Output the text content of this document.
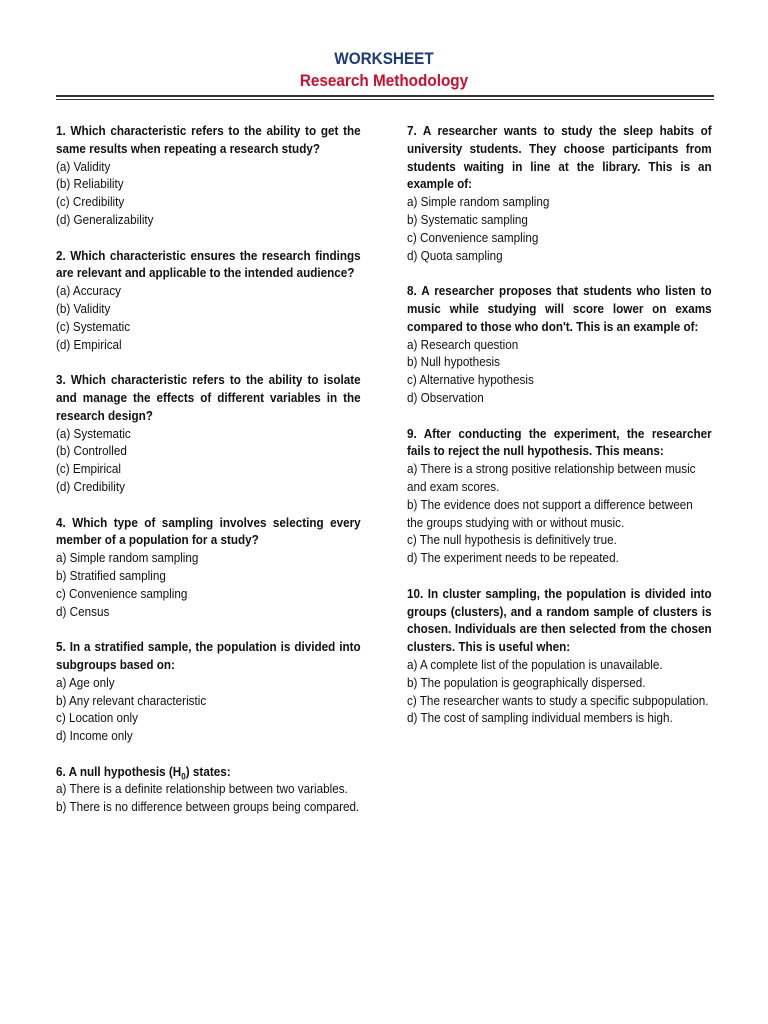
WORKSHEET
Research Methodology
1. Which characteristic refers to the ability to get the same results when repeating a research study?
(a) Validity
(b) Reliability
(c) Credibility
(d) Generalizability
2. Which characteristic ensures the research findings are relevant and applicable to the intended audience?
(a) Accuracy
(b) Validity
(c) Systematic
(d) Empirical
3. Which characteristic refers to the ability to isolate and manage the effects of different variables in the research design?
(a) Systematic
(b) Controlled
(c) Empirical
(d) Credibility
4. Which type of sampling involves selecting every member of a population for a study?
a) Simple random sampling
b) Stratified sampling
c) Convenience sampling
d) Census
5. In a stratified sample, the population is divided into subgroups based on:
a) Age only
b) Any relevant characteristic
c) Location only
d) Income only
6. A null hypothesis $(H_0)$ states:
a) There is a definite relationship between two variables.
b) There is no difference between groups being compared.
7. A researcher wants to study the sleep habits of university students. They choose participants from students waiting in line at the library. This is an example of:
a) Simple random sampling
b) Systematic sampling
c) Convenience sampling
d) Quota sampling
8. A researcher proposes that students who listen to music while studying will score lower on exams compared to those who don't. This is an example of:
a) Research question
b) Null hypothesis
c) Alternative hypothesis
d) Observation
9. After conducting the experiment, the researcher fails to reject the null hypothesis. This means:
a) There is a strong positive relationship between music and exam scores.
b) The evidence does not support a difference between the groups studying with or without music.
c) The null hypothesis is definitively true.
d) The experiment needs to be repeated.
10. In cluster sampling, the population is divided into groups (clusters), and a random sample of clusters is chosen. Individuals are then selected from the chosen clusters. This is useful when:
a) A complete list of the population is unavailable.
b) The population is geographically dispersed.
c) The researcher wants to study a specific subpopulation.
d) The cost of sampling individual members is high.
